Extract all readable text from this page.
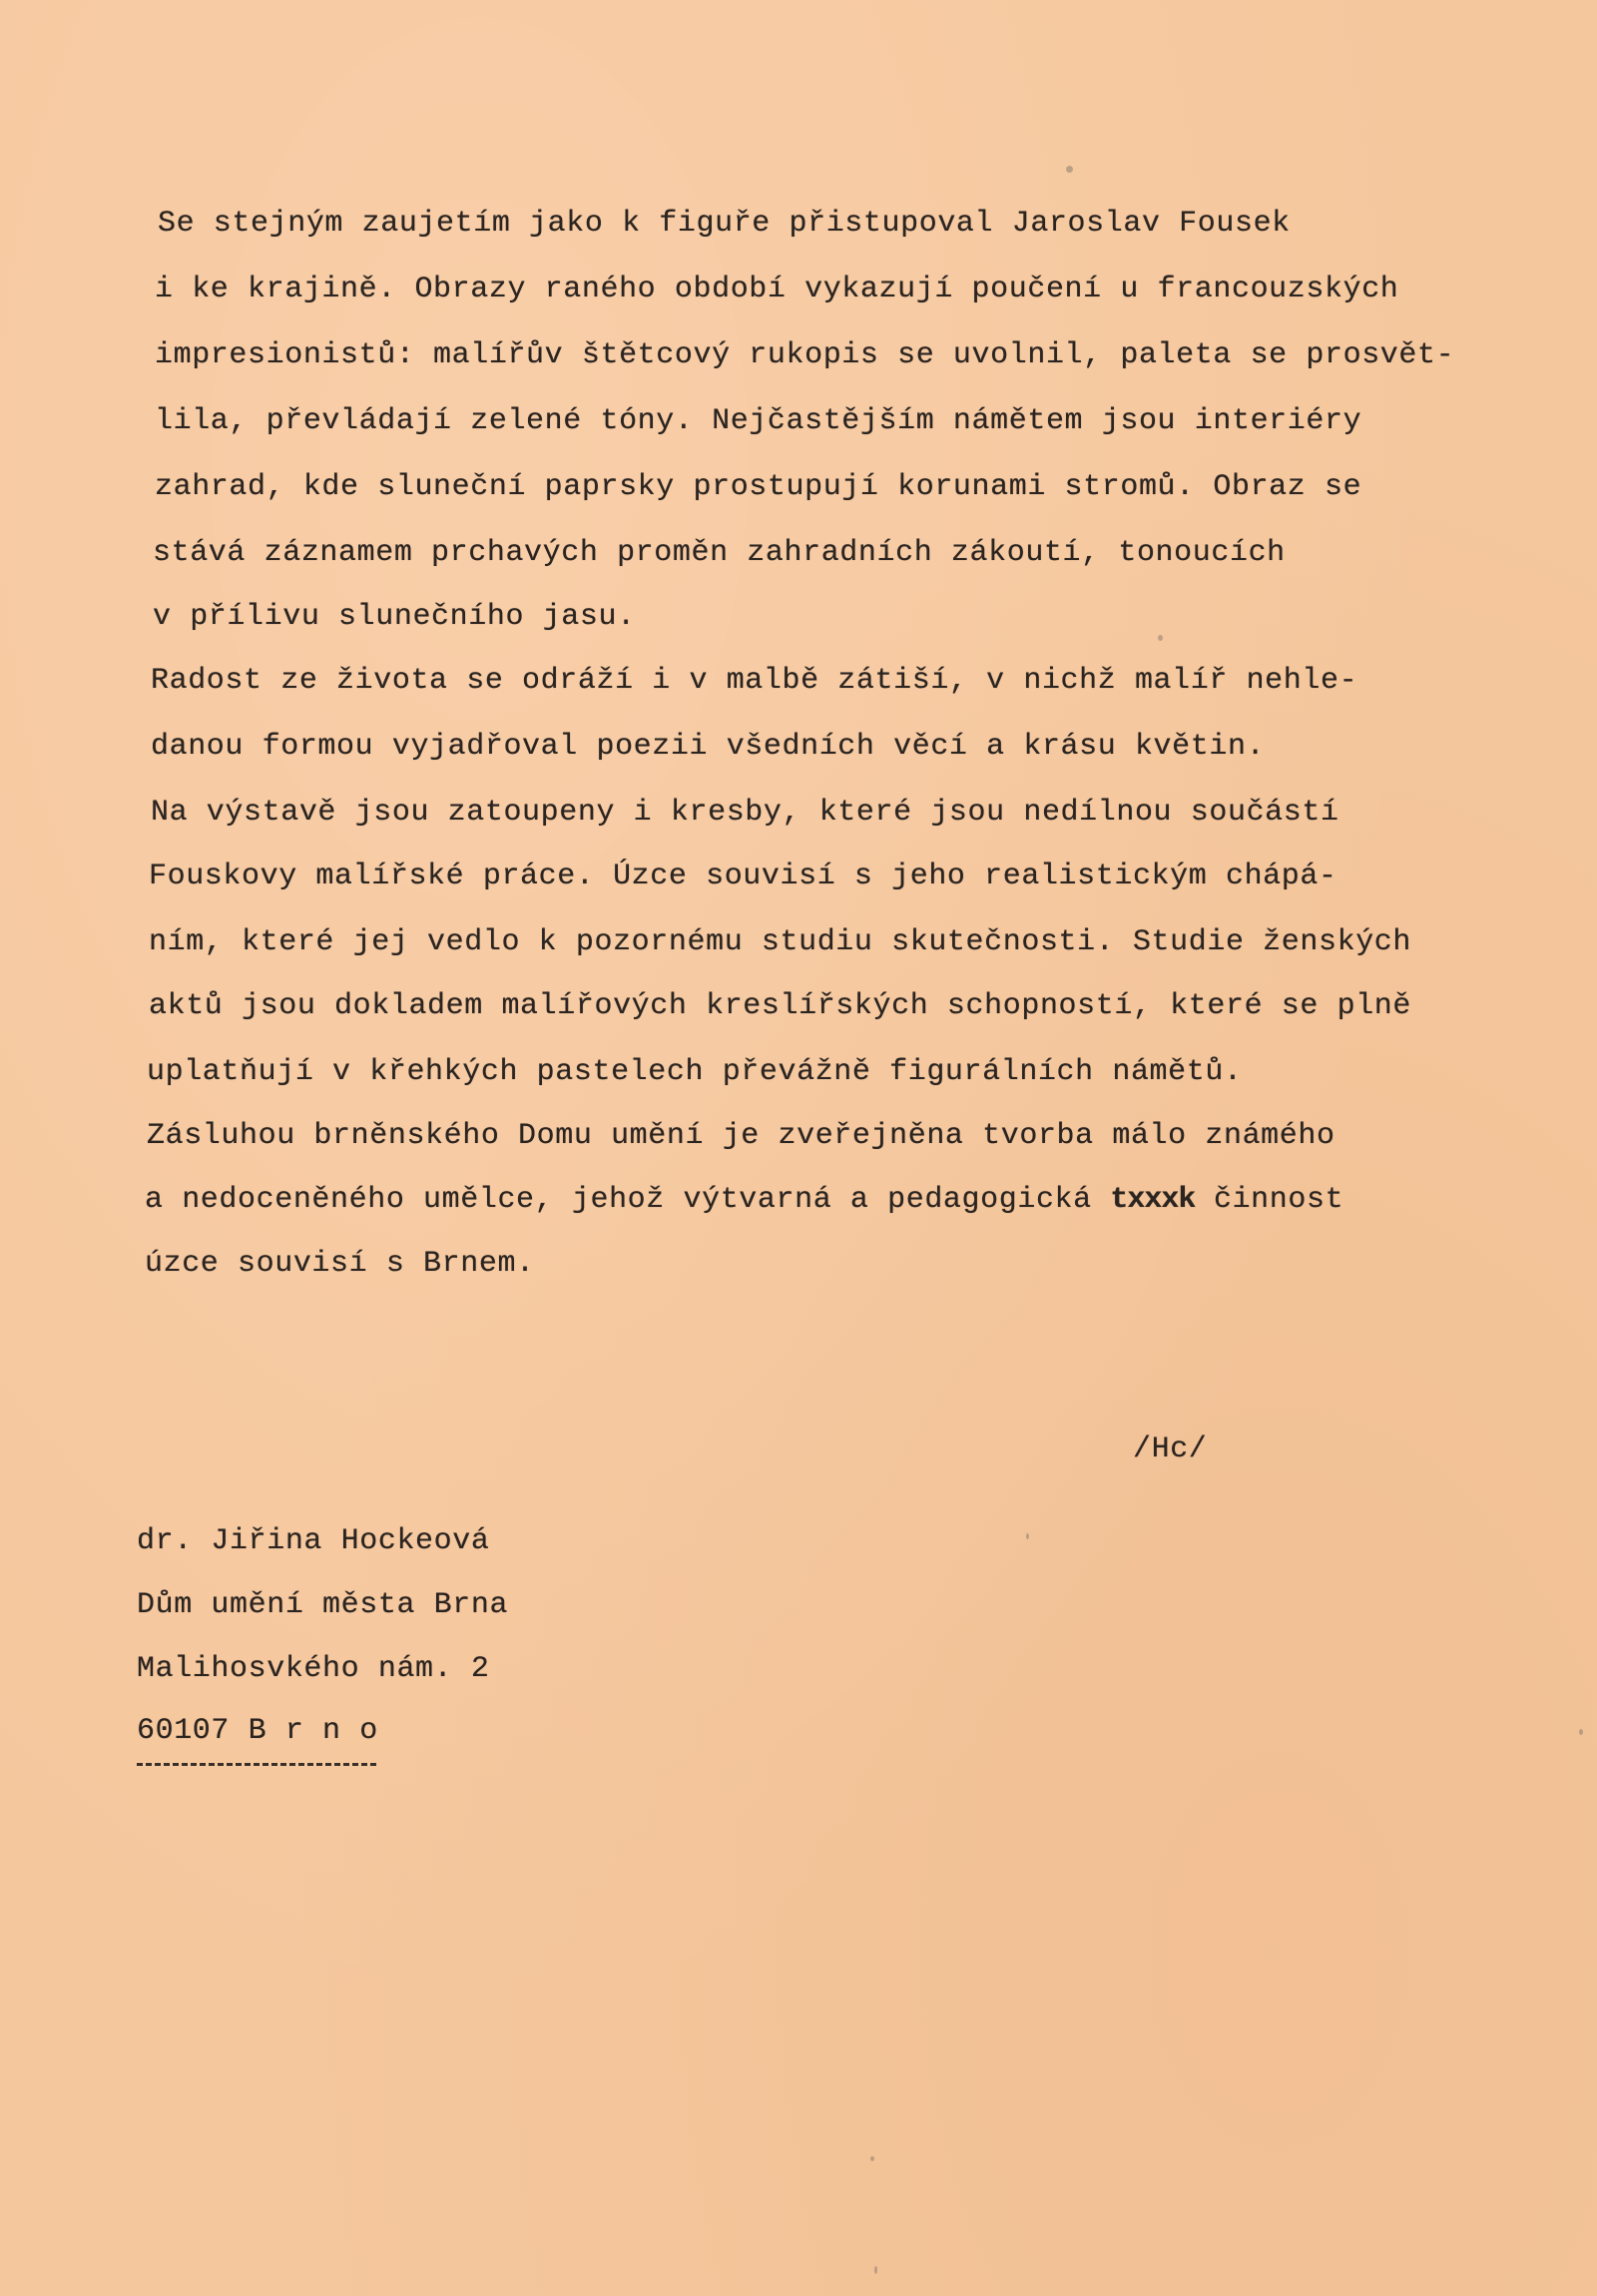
Se stejným zaujetím jako k figuře přistupoval Jaroslav Fousek

i ke krajině. Obrazy raného období vykazují poučení u francouzských

impresionistů: malířův štětcový rukopis se uvolnil, paleta se prosvět-

lila, převládají zelené tóny. Nejčastějším námětem jsou interiéry

zahrad, kde sluneční paprsky prostupují korunami stromů. Obraz se

stává záznamem prchavých proměn zahradních zákoutí, tonoucích

v přílivu slunečního jasu.

Radost ze života se odráží i v malbě zátiší, v nichž malíř nehle-

danou formou vyjadřoval poezii všedních věcí a krásu květin.

Na výstavě jsou zatoupeny i kresby, které jsou nedílnou součástí

Fouskovy malířské práce. Úzce souvisí s jeho realistickým chápá-

ním, které jej vedlo k pozornému studiu skutečnosti. Studie ženských

aktů jsou dokladem malířových kreslířských schopností, které se plně

uplatňují v křehkých pastelech převážně figurálních námětů.

Zásluhou brněnského Domu umění je zveřejněna tvorba málo známého

a nedoceněného umělce, jehož výtvarná a pedagogická txxxk činnost

úzce souvisí s Brnem.

/Hc/

dr. Jiřina Hockeová

Dům umění města Brna

Malihosvkého nám. 2

60107 B r n o
